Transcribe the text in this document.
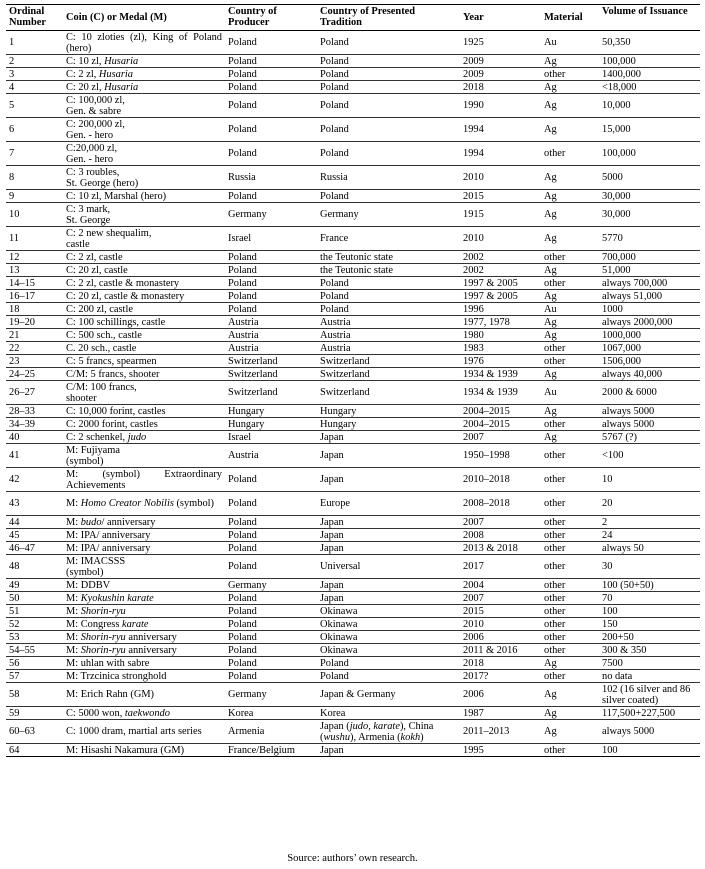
Ordinal Number	Coin (C) or Medal (M)	Country of Producer	Country of Presented Tradition	Year	Material	Volume of Issuance
1	C: 10 zloties (zl), King of Poland (hero)	Poland	Poland	1925	Au	50,350
2	C: 10 zl, Husaria	Poland	Poland	2009	Ag	100,000
3	C: 2 zl, Husaria	Poland	Poland	2009	other	1400,000
4	C: 20 zl, Husaria	Poland	Poland	2018	Ag	<18,000
5	C: 100,000 zl,
Gen. & sabre	Poland	Poland	1990	Ag	10,000
6	C: 200,000 zl,
Gen. - hero	Poland	Poland	1994	Ag	15,000
7	C:20,000 zl,
Gen. - hero	Poland	Poland	1994	other	100,000
8	C: 3 roubles,
St. George (hero)	Russia	Russia	2010	Ag	5000
9	C: 10 zl, Marshal (hero)	Poland	Poland	2015	Ag	30,000
10	C: 3 mark,
St. George	Germany	Germany	1915	Ag	30,000
11	C: 2 new shequalim,
castle	Israel	France	2010	Ag	5770
12	C: 2 zl, castle	Poland	the Teutonic state	2002	other	700,000
13	C: 20 zl, castle	Poland	the Teutonic state	2002	Ag	51,000
14–15	C: 2 zl, castle & monastery	Poland	Poland	1997 & 2005	other	always 700,000
16–17	C: 20 zl, castle & monastery	Poland	Poland	1997 & 2005	Ag	always 51,000
18	C: 200 zl, castle	Poland	Poland	1996	Au	1000
19–20	C: 100 schillings, castle	Austria	Austria	1977, 1978	Ag	always 2000,000
21	C: 500 sch., castle	Austria	Austria	1980	Ag	1000,000
22	C. 20 sch., castle	Austria	Austria	1983	other	1067,000
23	C: 5 francs, spearmen	Switzerland	Switzerland	1976	other	1506,000
24–25	C/M: 5 francs, shooter	Switzerland	Switzerland	1934 & 1939	Ag	always 40,000
26–27	C/M: 100 francs,
shooter	Switzerland	Switzerland	1934 & 1939	Au	2000 & 6000
28–33	C: 10,000 forint, castles	Hungary	Hungary	2004–2015	Ag	always 5000
34–39	C: 2000 forint, castles	Hungary	Hungary	2004–2015	other	always 5000
40	C: 2 schenkel, judo	Israel	Japan	2007	Ag	5767 (?)
41	M: Fujiyama
(symbol)	Austria	Japan	1950–1998	other	<100
42	M: (symbol) Extraordinary Achievements	Poland	Japan	2010–2018	other	10
43	M: Homo Creator Nobilis (symbol)	Poland	Europe	2008–2018	other	20
44	M: budo/ anniversary	Poland	Japan	2007	other	2
45	M: IPA/ anniversary	Poland	Japan	2008	other	24
46–47	M: IPA/ anniversary	Poland	Japan	2013 & 2018	other	always 50
48	M: IMACSSS
(symbol)	Poland	Universal	2017	other	30
49	M: DDBV	Germany	Japan	2004	other	100 (50+50)
50	M: Kyokushin karate	Poland	Japan	2007	other	70
51	M: Shorin-ryu	Poland	Okinawa	2015	other	100
52	M: Congress karate	Poland	Okinawa	2010	other	150
53	M: Shorin-ryu anniversary	Poland	Okinawa	2006	other	200+50
54–55	M: Shorin-ryu anniversary	Poland	Okinawa	2011 & 2016	other	300 & 350
56	M: uhlan with sabre	Poland	Poland	2018	Ag	7500
57	M: Trzcinica stronghold	Poland	Poland	2017?	other	no data
58	M: Erich Rahn (GM)	Germany	Japan & Germany	2006	Ag	102 (16 silver and 86 silver coated)
59	C: 5000 won, taekwondo	Korea	Korea	1987	Ag	117,500+227,500
60–63	C: 1000 dram, martial arts series	Armenia	Japan (judo, karate), China (wushu), Armenia (kokh)	2011–2013	Ag	always 5000
64	M: Hisashi Nakamura (GM)	France/Belgium	Japan	1995	other	100
Source: authors’ own research.
